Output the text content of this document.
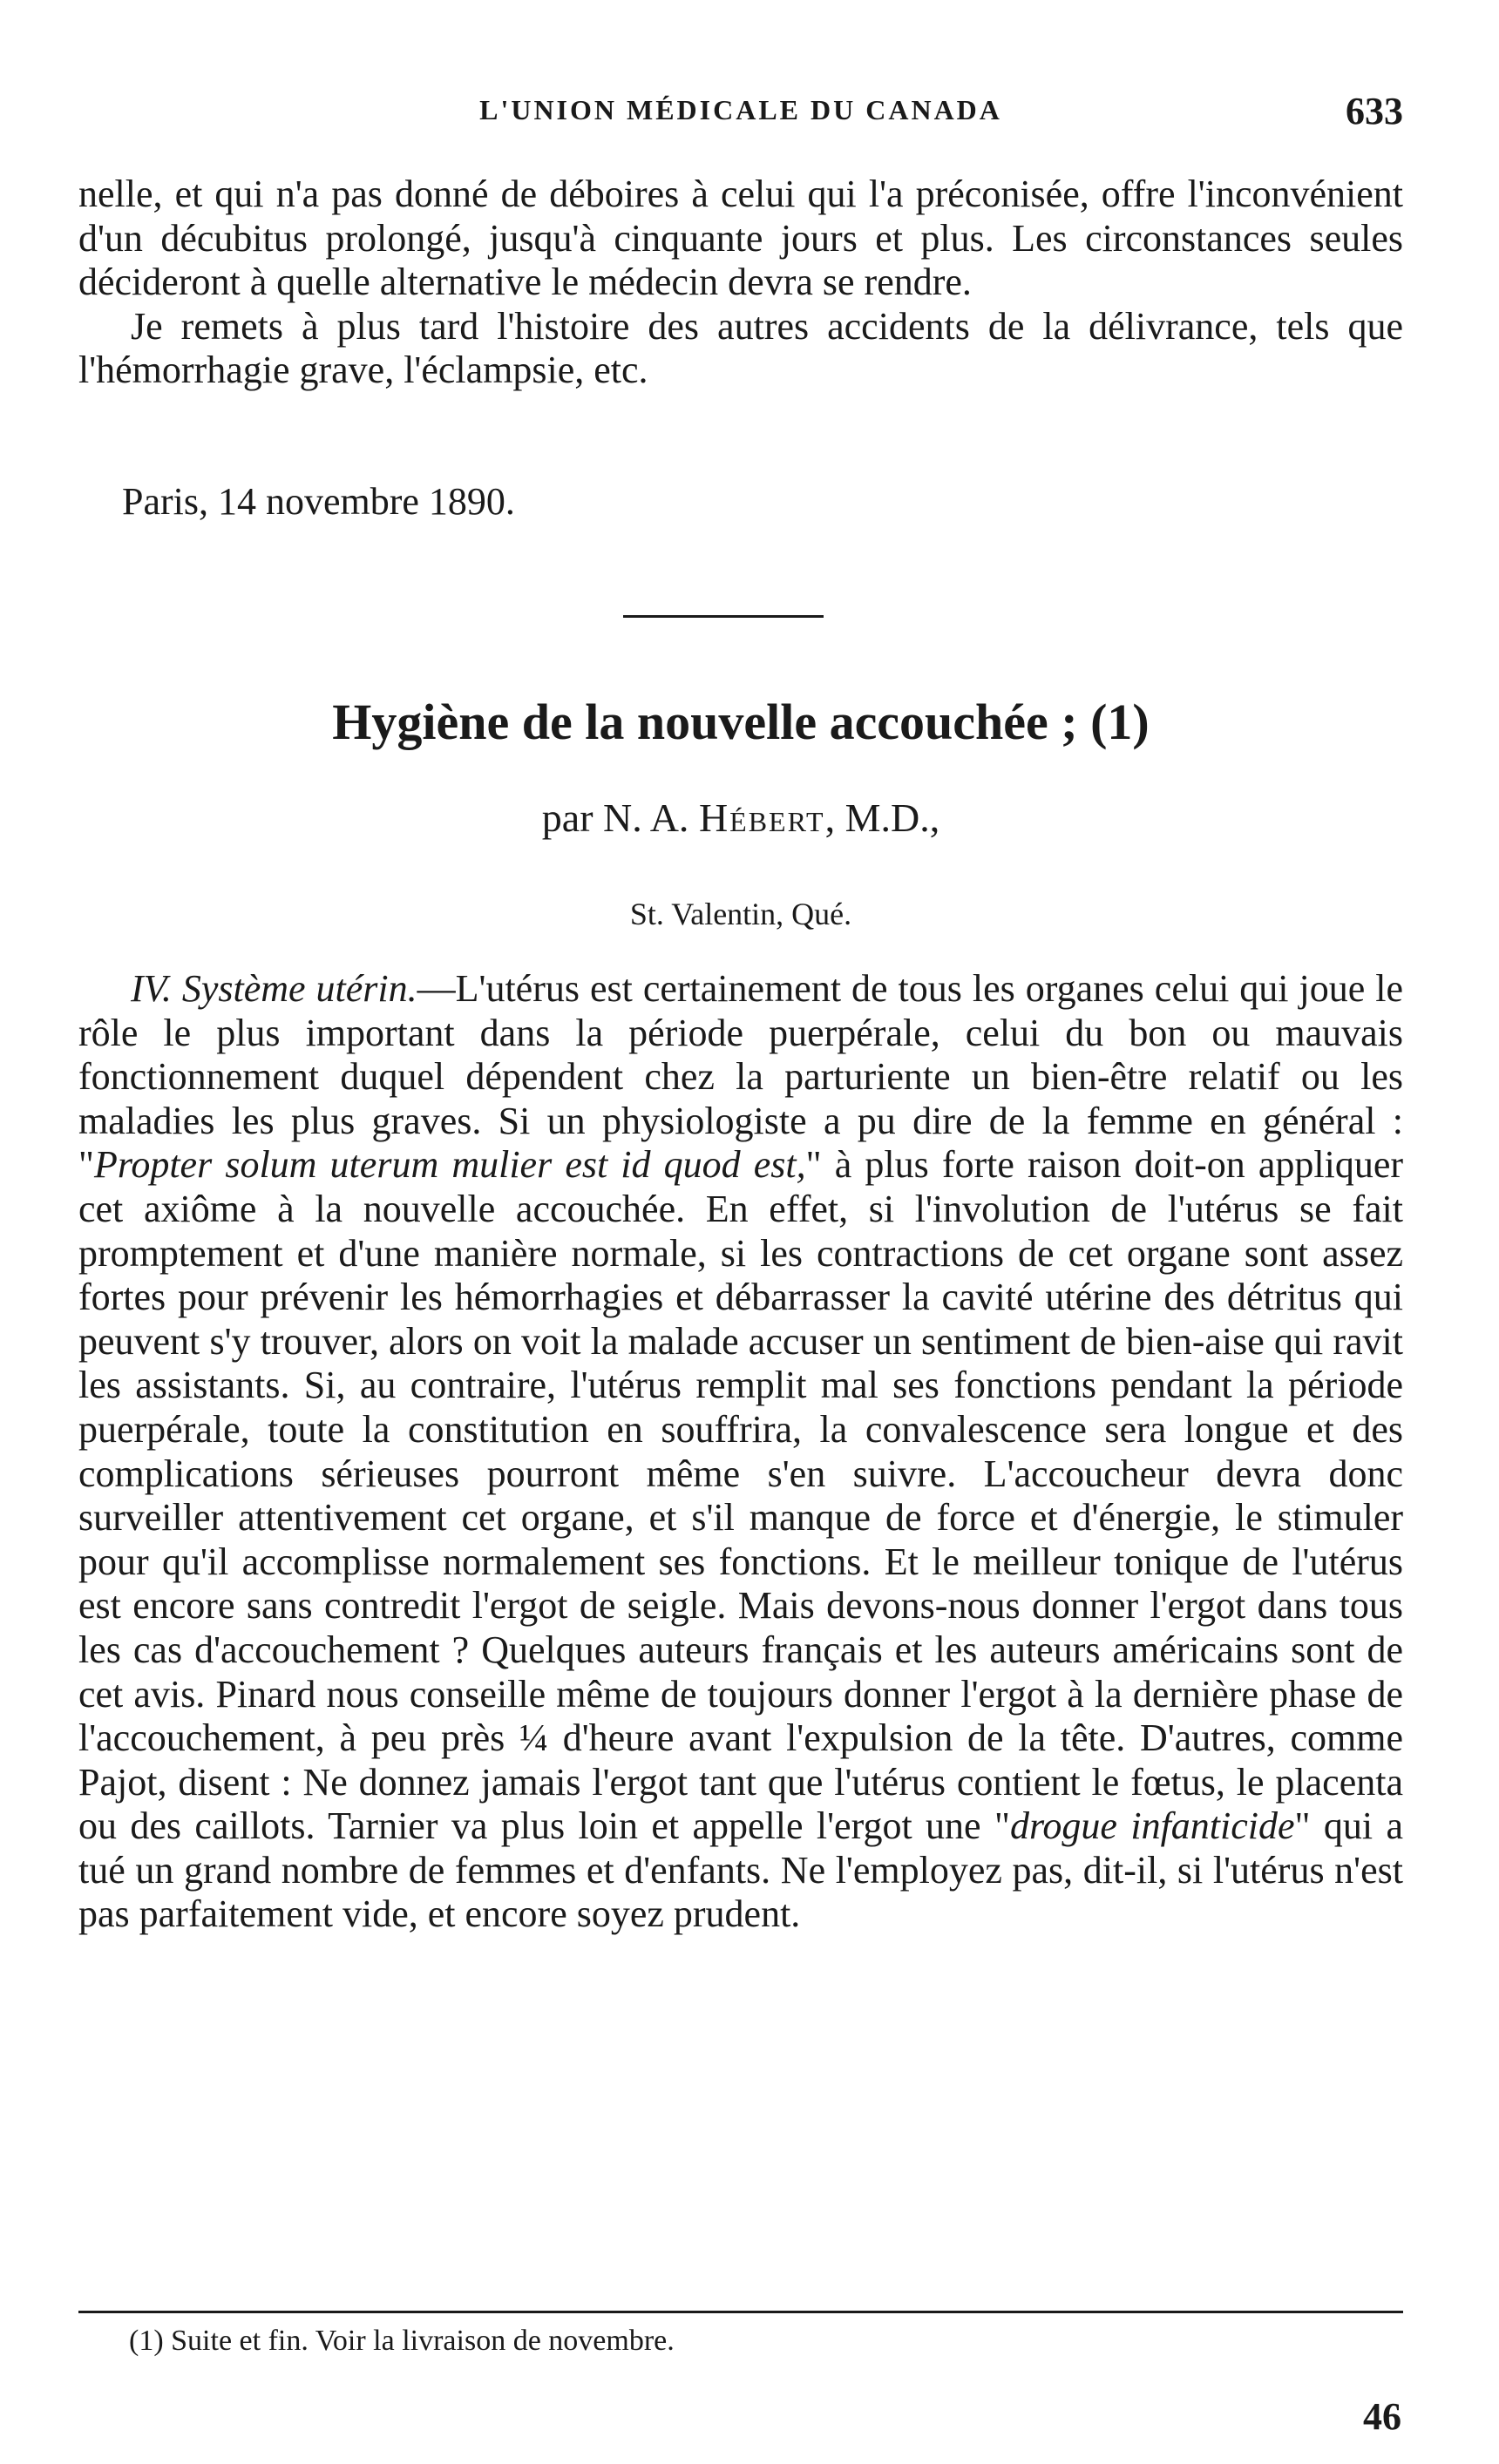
L'UNION MÉDICALE DU CANADA	633

nelle, et qui n'a pas donné de déboires à celui qui l'a préconisée, offre l'inconvénient d'un décubitus prolongé, jusqu'à cinquante jours et plus. Les circonstances seules décideront à quelle alternative le médecin devra se rendre.

Je remets à plus tard l'histoire des autres accidents de la délivrance, tels que l'hémorrhagie grave, l'éclampsie, etc.

Paris, 14 novembre 1890.
Hygiène de la nouvelle accouchée ; (1)
par N. A. Hébert, M.D.,
St. Valentin, Qué.

IV. Système utérin.—L'utérus est certainement de tous les organes celui qui joue le rôle le plus important dans la période puerpérale, celui du bon ou mauvais fonctionnement duquel dépendent chez la parturiente un bien-être relatif ou les maladies les plus graves. Si un physiologiste a pu dire de la femme en général : "Propter solum uterum mulier est id quod est," à plus forte raison doit-on appliquer cet axiôme à la nouvelle accouchée. En effet, si l'involution de l'utérus se fait promptement et d'une manière normale, si les contractions de cet organe sont assez fortes pour prévenir les hémorrhagies et débarrasser la cavité utérine des détritus qui peuvent s'y trouver, alors on voit la malade accuser un sentiment de bien-aise qui ravit les assistants. Si, au contraire, l'utérus remplit mal ses fonctions pendant la période puerpérale, toute la constitution en souffrira, la convalescence sera longue et des complications sérieuses pourront même s'en suivre. L'accoucheur devra donc surveiller attentivement cet organe, et s'il manque de force et d'énergie, le stimuler pour qu'il accomplisse normalement ses fonctions. Et le meilleur tonique de l'utérus est encore sans contredit l'ergot de seigle. Mais devons-nous donner l'ergot dans tous les cas d'accouchement ? Quelques auteurs français et les auteurs américains sont de cet avis. Pinard nous conseille même de toujours donner l'ergot à la dernière phase de l'accouchement, à peu près ¼ d'heure avant l'expulsion de la tête. D'autres, comme Pajot, disent : Ne donnez jamais l'ergot tant que l'utérus contient le fœtus, le placenta ou des caillots. Tarnier va plus loin et appelle l'ergot une "drogue infanticide" qui a tué un grand nombre de femmes et d'enfants. Ne l'employez pas, dit-il, si l'utérus n'est pas parfaitement vide, et encore soyez prudent.

(1) Suite et fin. Voir la livraison de novembre.
46
